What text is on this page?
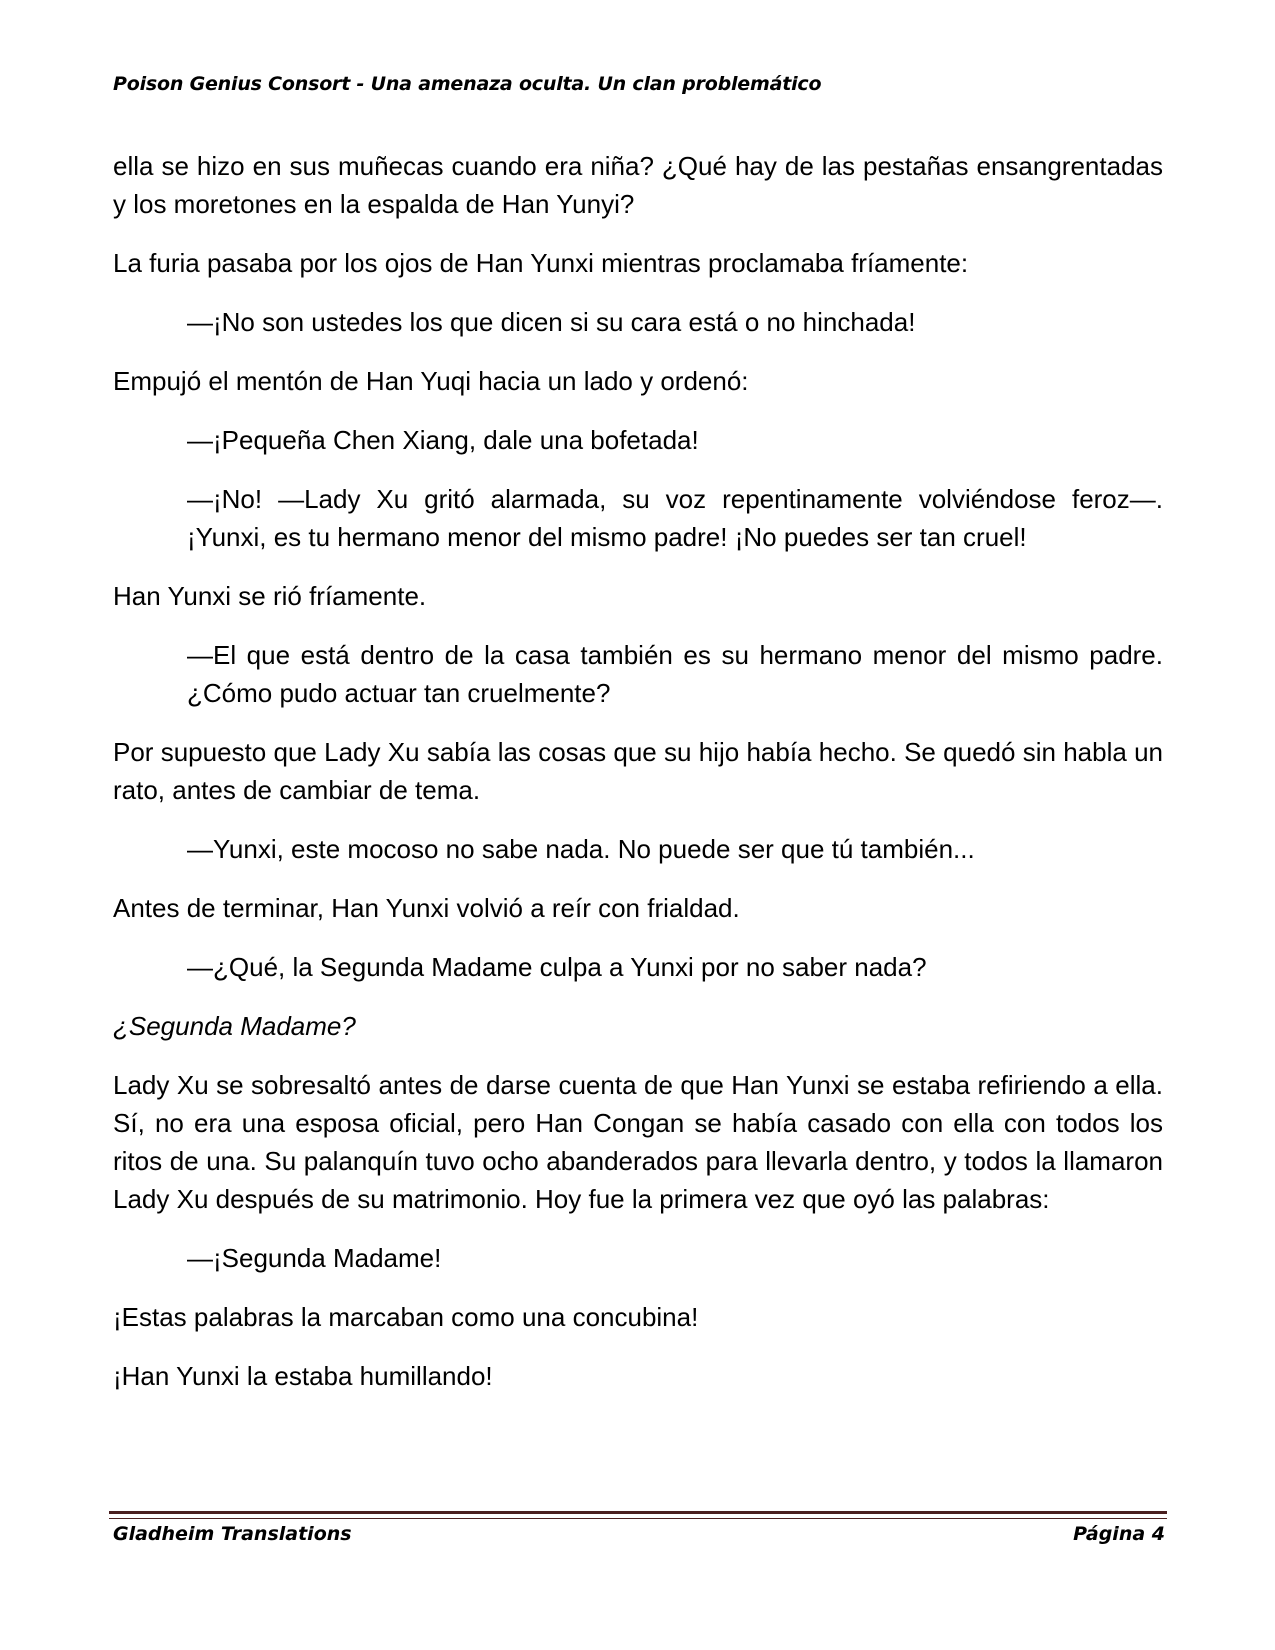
Poison Genius Consort - Una amenaza oculta. Un clan problemático

ella se hizo en sus muñecas cuando era niña? ¿Qué hay de las pestañas ensangrentadas y los moretones en la espalda de Han Yunyi?

La furia pasaba por los ojos de Han Yunxi mientras proclamaba fríamente:

—¡No son ustedes los que dicen si su cara está o no hinchada!

Empujó el mentón de Han Yuqi hacia un lado y ordenó:

—¡Pequeña Chen Xiang, dale una bofetada!

—¡No! —Lady Xu gritó alarmada, su voz repentinamente volviéndose feroz—. ¡Yunxi, es tu hermano menor del mismo padre! ¡No puedes ser tan cruel!

Han Yunxi se rió fríamente.

—El que está dentro de la casa también es su hermano menor del mismo padre. ¿Cómo pudo actuar tan cruelmente?

Por supuesto que Lady Xu sabía las cosas que su hijo había hecho. Se quedó sin habla un rato, antes de cambiar de tema.

—Yunxi, este mocoso no sabe nada. No puede ser que tú también...

Antes de terminar, Han Yunxi volvió a reír con frialdad.

—¿Qué, la Segunda Madame culpa a Yunxi por no saber nada?

¿Segunda Madame?

Lady Xu se sobresaltó antes de darse cuenta de que Han Yunxi se estaba refiriendo a ella. Sí, no era una esposa oficial, pero Han Congan se había casado con ella con todos los ritos de una. Su palanquín tuvo ocho abanderados para llevarla dentro, y todos la llamaron Lady Xu después de su matrimonio. Hoy fue la primera vez que oyó las palabras:

—¡Segunda Madame!

¡Estas palabras la marcaban como una concubina!

¡Han Yunxi la estaba humillando!

Gladheim Translations	Página 4
